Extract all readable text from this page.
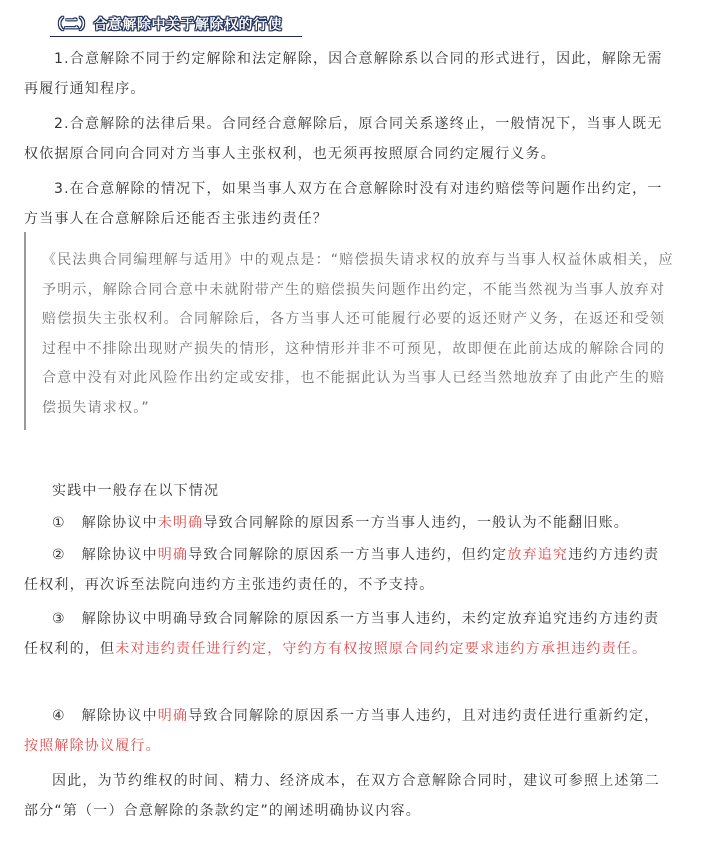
（二）合意解除中关于解除权的行使

1.合意解除不同于约定解除和法定解除，因合意解除系以合同的形式进行，因此，解除无需再履行通知程序。

2.合意解除的法律后果。合同经合意解除后，原合同关系遂终止，一般情况下，当事人既无权依据原合同向合同对方当事人主张权利，也无须再按照原合同约定履行义务。

3.在合意解除的情况下，如果当事人双方在合意解除时没有对违约赔偿等问题作出约定，一方当事人在合意解除后还能否主张违约责任？

《民法典合同编理解与适用》中的观点是：“赔偿损失请求权的放弃与当事人权益休戚相关，应予明示，解除合同合意中未就附带产生的赔偿损失问题作出约定，不能当然视为当事人放弃对赔偿损失主张权利。合同解除后，各方当事人还可能履行必要的返还财产义务，在返还和受领过程中不排除出现财产损失的情形，这种情形并非不可预见，故即便在此前达成的解除合同的合意中没有对此风险作出约定或安排，也不能据此认为当事人已经当然地放弃了由此产生的赔偿损失请求权。”

实践中一般存在以下情况

① 解除协议中未明确导致合同解除的原因系一方当事人违约，一般认为不能翻旧账。

② 解除协议中明确导致合同解除的原因系一方当事人违约，但约定放弃追究违约方违约责任权利，再次诉至法院向违约方主张违约责任的，不予支持。

③ 解除协议中明确导致合同解除的原因系一方当事人违约，未约定放弃追究违约方违约责任权利的，但未对违约责任进行约定，守约方有权按照原合同约定要求违约方承担违约责任。

④ 解除协议中明确导致合同解除的原因系一方当事人违约，且对违约责任进行重新约定，按照解除协议履行。

因此，为节约维权的时间、精力、经济成本，在双方合意解除合同时，建议可参照上述第二部分“第（一）合意解除的条款约定”的阐述明确协议内容。
